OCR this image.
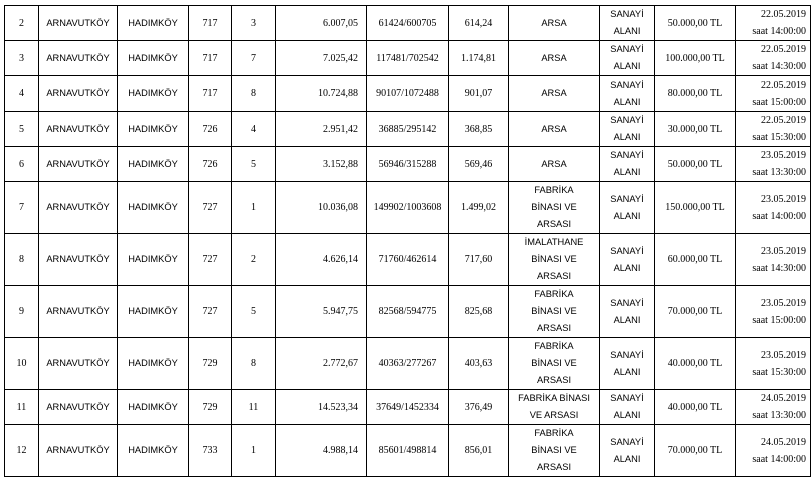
2	ARNAVUTKÖY	HADIMKÖY	717	3	6.007,05	61424/600705	614,24	ARSA	SANAYİ
ALANI	50.000,00 TL	22.05.2019
saat 14:00:00

3	ARNAVUTKÖY	HADIMKÖY	717	7	7.025,42	117481/702542	1.174,81	ARSA	SANAYİ
ALANI	100.000,00 TL	22.05.2019
saat 14:30:00

4	ARNAVUTKÖY	HADIMKÖY	717	8	10.724,88	90107/1072488	901,07	ARSA	SANAYİ
ALANI	80.000,00 TL	22.05.2019
saat 15:00:00

5	ARNAVUTKÖY	HADIMKÖY	726	4	2.951,42	36885/295142	368,85	ARSA	SANAYİ
ALANI	30.000,00 TL	22.05.2019
saat 15:30:00

6	ARNAVUTKÖY	HADIMKÖY	726	5	3.152,88	56946/315288	569,46	ARSA	SANAYİ
ALANI	50.000,00 TL	23.05.2019
saat 13:30:00

7	ARNAVUTKÖY	HADIMKÖY	727	1	10.036,08	149902/1003608	1.499,02	FABRİKA
BİNASI VE
ARSASI	SANAYİ
ALANI	150.000,00 TL	23.05.2019
saat 14:00:00

8	ARNAVUTKÖY	HADIMKÖY	727	2	4.626,14	71760/462614	717,60	İMALATHANE
BİNASI VE
ARSASI	SANAYİ
ALANI	60.000,00 TL	23.05.2019
saat 14:30:00

9	ARNAVUTKÖY	HADIMKÖY	727	5	5.947,75	82568/594775	825,68	FABRİKA
BİNASI VE
ARSASI	SANAYİ
ALANI	70.000,00 TL	23.05.2019
saat 15:00:00

10	ARNAVUTKÖY	HADIMKÖY	729	8	2.772,67	40363/277267	403,63	FABRİKA
BİNASI VE
ARSASI	SANAYİ
ALANI	40.000,00 TL	23.05.2019
saat 15:30:00

11	ARNAVUTKÖY	HADIMKÖY	729	11	14.523,34	37649/1452334	376,49	FABRİKA BİNASI
VE ARSASI	SANAYİ
ALANI	40.000,00 TL	24.05.2019
saat 13:30:00

12	ARNAVUTKÖY	HADIMKÖY	733	1	4.988,14	85601/498814	856,01	FABRİKA
BİNASI VE
ARSASI	SANAYİ
ALANI	70.000,00 TL	24.05.2019
saat 14:00:00
